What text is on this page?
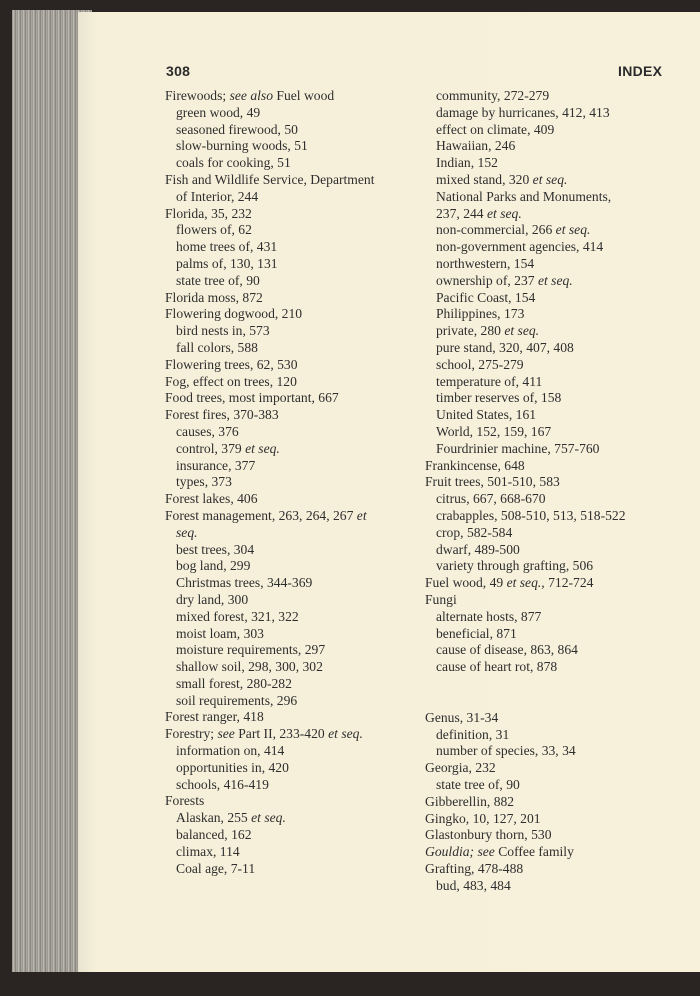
308	INDEX
Firewoods; see also Fuel wood
green wood, 49
seasoned firewood, 50
slow-burning woods, 51
coals for cooking, 51
Fish and Wildlife Service, Department
of Interior, 244
Florida, 35, 232
flowers of, 62
home trees of, 431
palms of, 130, 131
state tree of, 90
Florida moss, 872
Flowering dogwood, 210
bird nests in, 573
fall colors, 588
Flowering trees, 62, 530
Fog, effect on trees, 120
Food trees, most important, 667
Forest fires, 370-383
causes, 376
control, 379 et seq.
insurance, 377
types, 373
Forest lakes, 406
Forest management, 263, 264, 267 et
seq.
best trees, 304
bog land, 299
Christmas trees, 344-369
dry land, 300
mixed forest, 321, 322
moist loam, 303
moisture requirements, 297
shallow soil, 298, 300, 302
small forest, 280-282
soil requirements, 296
Forest ranger, 418
Forestry; see Part II, 233-420 et seq.
information on, 414
opportunities in, 420
schools, 416-419
Forests
Alaskan, 255 et seq.
balanced, 162
climax, 114
Coal age, 7-11
community, 272-279
damage by hurricanes, 412, 413
effect on climate, 409
Hawaiian, 246
Indian, 152
mixed stand, 320 et seq.
National Parks and Monuments,
237, 244 et seq.
non-commercial, 266 et seq.
non-government agencies, 414
northwestern, 154
ownership of, 237 et seq.
Pacific Coast, 154
Philippines, 173
private, 280 et seq.
pure stand, 320, 407, 408
school, 275-279
temperature of, 411
timber reserves of, 158
United States, 161
World, 152, 159, 167
Fourdrinier machine, 757-760
Frankincense, 648
Fruit trees, 501-510, 583
citrus, 667, 668-670
crabapples, 508-510, 513, 518-522
crop, 582-584
dwarf, 489-500
variety through grafting, 506
Fuel wood, 49 et seq., 712-724
Fungi
alternate hosts, 877
beneficial, 871
cause of disease, 863, 864
cause of heart rot, 878
Genus, 31-34
definition, 31
number of species, 33, 34
Georgia, 232
state tree of, 90
Gibberellin, 882
Gingko, 10, 127, 201
Glastonbury thorn, 530
Gouldia; see Coffee family
Grafting, 478-488
bud, 483, 484
